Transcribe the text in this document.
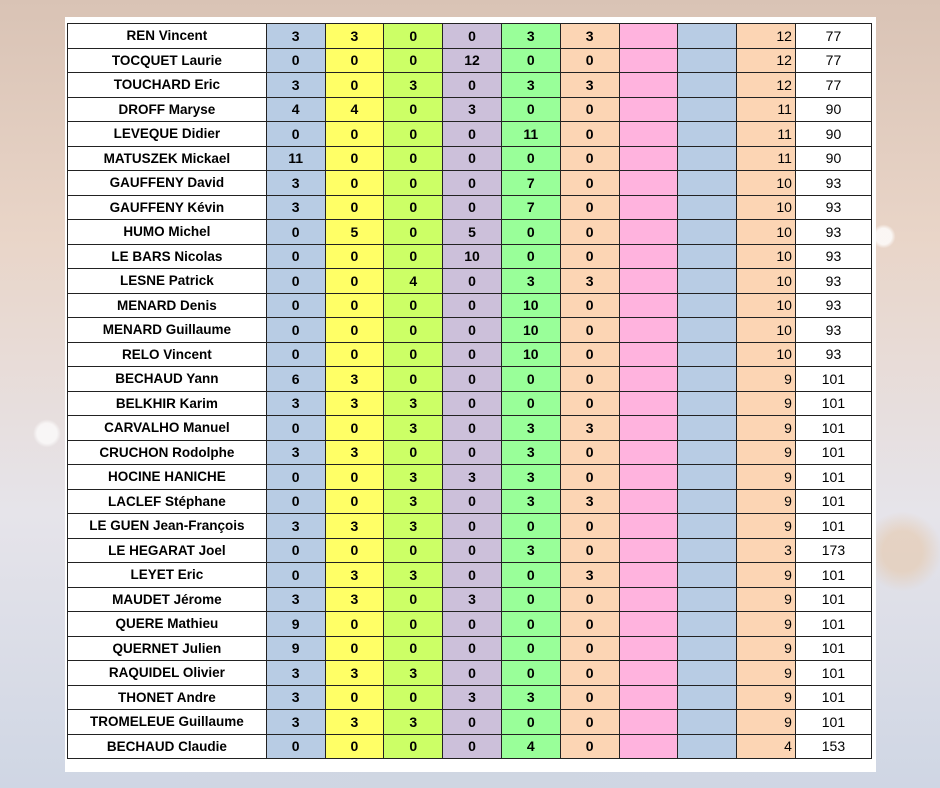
REN Vincent	3	3	0	0	3	3			12	77
TOCQUET Laurie	0	0	0	12	0	0			12	77
TOUCHARD Eric	3	0	3	0	3	3			12	77
DROFF Maryse	4	4	0	3	0	0			11	90
LEVEQUE Didier	0	0	0	0	11	0			11	90
MATUSZEK Mickael	11	0	0	0	0	0			11	90
GAUFFENY David	3	0	0	0	7	0			10	93
GAUFFENY Kévin	3	0	0	0	7	0			10	93
HUMO Michel	0	5	0	5	0	0			10	93
LE BARS Nicolas	0	0	0	10	0	0			10	93
LESNE Patrick	0	0	4	0	3	3			10	93
MENARD Denis	0	0	0	0	10	0			10	93
MENARD Guillaume	0	0	0	0	10	0			10	93
RELO Vincent	0	0	0	0	10	0			10	93
BECHAUD Yann	6	3	0	0	0	0			9	101
BELKHIR Karim	3	3	3	0	0	0			9	101
CARVALHO Manuel	0	0	3	0	3	3			9	101
CRUCHON Rodolphe	3	3	0	0	3	0			9	101
HOCINE HANICHE	0	0	3	3	3	0			9	101
LACLEF Stéphane	0	0	3	0	3	3			9	101
LE GUEN Jean-François	3	3	3	0	0	0			9	101
LE HEGARAT Joel	0	0	0	0	3	0			3	173
LEYET Eric	0	3	3	0	0	3			9	101
MAUDET Jérome	3	3	0	3	0	0			9	101
QUERE Mathieu	9	0	0	0	0	0			9	101
QUERNET Julien	9	0	0	0	0	0			9	101
RAQUIDEL Olivier	3	3	3	0	0	0			9	101
THONET Andre	3	0	0	3	3	0			9	101
TROMELEUE Guillaume	3	3	3	0	0	0			9	101
BECHAUD Claudie	0	0	0	0	4	0			4	153
